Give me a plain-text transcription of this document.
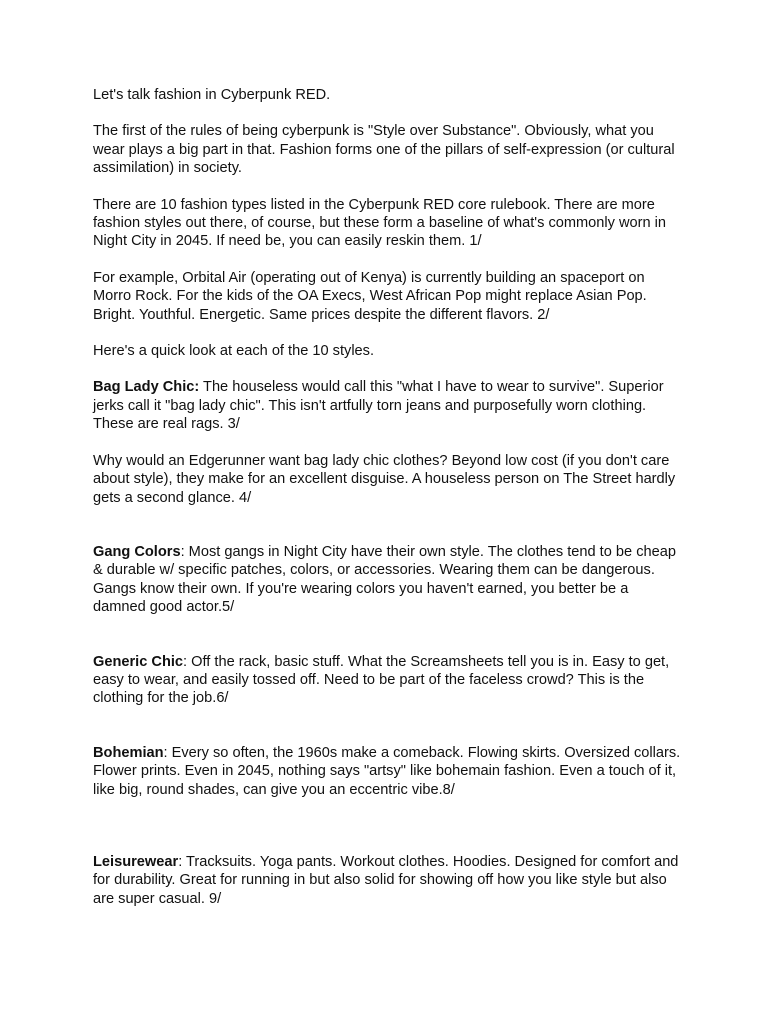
Let's talk fashion in Cyberpunk RED.

The first of the rules of being cyberpunk is "Style over Substance". Obviously, what you wear plays a big part in that. Fashion forms one of the pillars of self-expression (or cultural assimilation) in society.

There are 10 fashion types listed in the Cyberpunk RED core rulebook. There are more fashion styles out there, of course, but these form a baseline of what's commonly worn in Night City in 2045. If need be, you can easily reskin them. 1/

For example, Orbital Air (operating out of Kenya) is currently building an spaceport on Morro Rock. For the kids of the OA Execs, West African Pop might replace Asian Pop. Bright. Youthful. Energetic. Same prices despite the different flavors. 2/

Here's a quick look at each of the 10 styles.

Bag Lady Chic: The houseless would call this "what I have to wear to survive". Superior jerks call it "bag lady chic". This isn't artfully torn jeans and purposefully worn clothing. These are real rags. 3/

Why would an Edgerunner want bag lady chic clothes? Beyond low cost (if you don't care about style), they make for an excellent disguise. A houseless person on The Street hardly gets a second glance. 4/

Gang Colors: Most gangs in Night City have their own style. The clothes tend to be cheap & durable w/ specific patches, colors, or accessories. Wearing them can be dangerous. Gangs know their own. If you're wearing colors you haven't earned, you better be a damned good actor.5/

Generic Chic: Off the rack, basic stuff. What the Screamsheets tell you is in. Easy to get, easy to wear, and easily tossed off. Need to be part of the faceless crowd? This is the clothing for the job.6/

Bohemian: Every so often, the 1960s make a comeback. Flowing skirts. Oversized collars. Flower prints. Even in 2045, nothing says "artsy" like bohemain fashion. Even a touch of it, like big, round shades, can give you an eccentric vibe.8/

Leisurewear: Tracksuits. Yoga pants. Workout clothes. Hoodies. Designed for comfort and for durability. Great for running in but also solid for showing off how you like style but also are super casual. 9/
